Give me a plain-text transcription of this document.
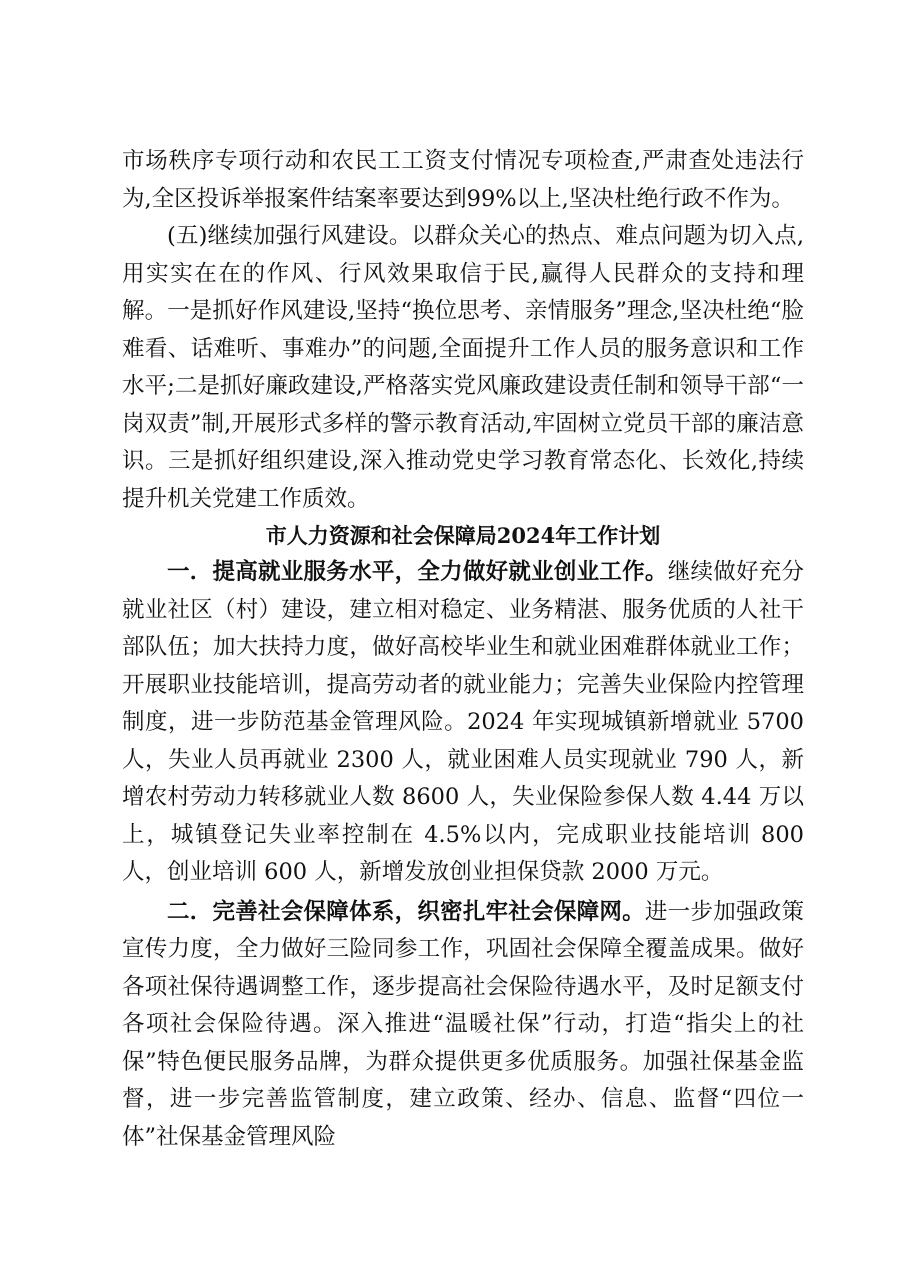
市场秩序专项行动和农民工工资支付情况专项检查,严肃查处违法行为,全区投诉举报案件结案率要达到99%以上,坚决杜绝行政不作为。

(五)继续加强行风建设。以群众关心的热点、难点问题为切入点,用实实在在的作风、行风效果取信于民,赢得人民群众的支持和理解。一是抓好作风建设,坚持“换位思考、亲情服务”理念,坚决杜绝“脸难看、话难听、事难办”的问题,全面提升工作人员的服务意识和工作水平;二是抓好廉政建设,严格落实党风廉政建设责任制和领导干部“一岗双责”制,开展形式多样的警示教育活动,牢固树立党员干部的廉洁意识。三是抓好组织建设,深入推动党史学习教育常态化、长效化,持续提升机关党建工作质效。

市人力资源和社会保障局2024年工作计划

一．提高就业服务水平，全力做好就业创业工作。继续做好充分就业社区（村）建设，建立相对稳定、业务精湛、服务优质的人社干部队伍；加大扶持力度，做好高校毕业生和就业困难群体就业工作；开展职业技能培训，提高劳动者的就业能力；完善失业保险内控管理制度，进一步防范基金管理风险。2024 年实现城镇新增就业 5700 人，失业人员再就业 2300 人，就业困难人员实现就业 790 人，新增农村劳动力转移就业人数 8600 人，失业保险参保人数 4.44 万以上，城镇登记失业率控制在 4.5%以内，完成职业技能培训 800 人，创业培训 600 人，新增发放创业担保贷款 2000 万元。

二．完善社会保障体系，织密扎牢社会保障网。进一步加强政策宣传力度，全力做好三险同参工作，巩固社会保障全覆盖成果。做好各项社保待遇调整工作，逐步提高社会保险待遇水平，及时足额支付各项社会保险待遇。深入推进“温暖社保”行动，打造“指尖上的社保”特色便民服务品牌，为群众提供更多优质服务。加强社保基金监督，进一步完善监管制度，建立政策、经办、信息、监督“四位一体”社保基金管理风险
